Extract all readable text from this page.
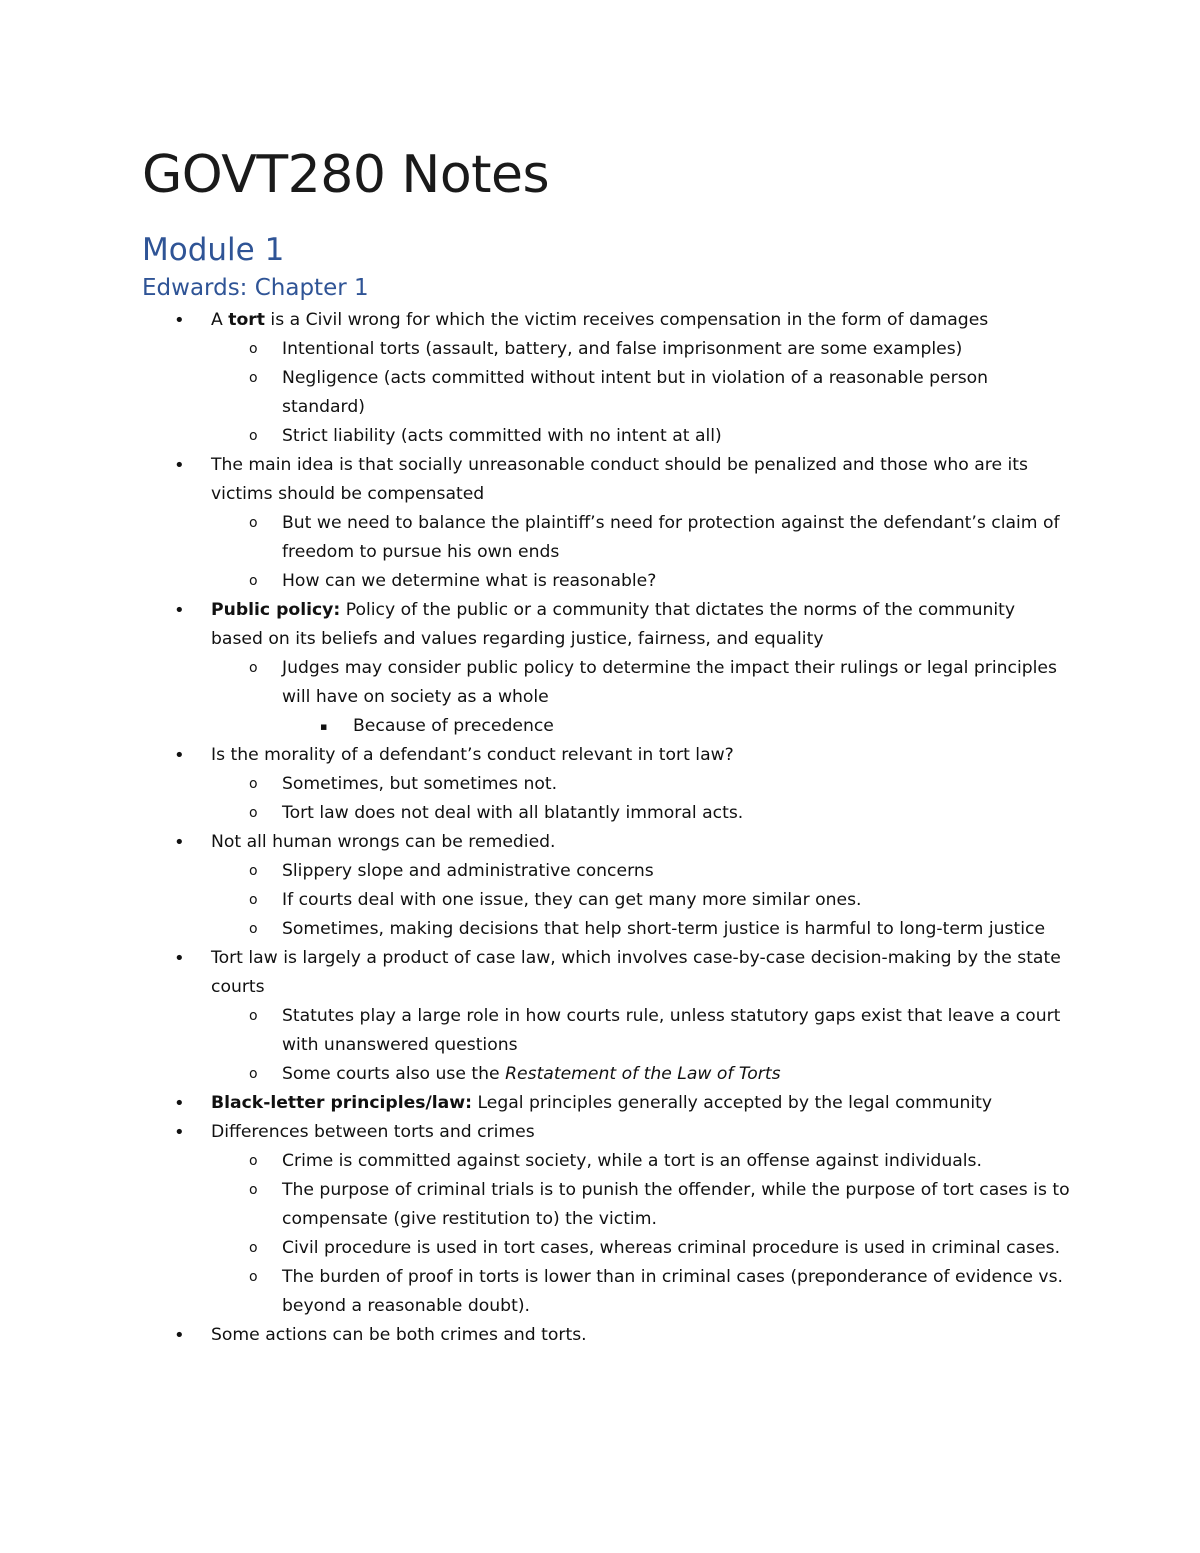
GOVT280 Notes
Module 1
Edwards: Chapter 1
• A tort is a Civil wrong for which the victim receives compensation in the form of damages
o Intentional torts (assault, battery, and false imprisonment are some examples)
o Negligence (acts committed without intent but in violation of a reasonable person standard)
o Strict liability (acts committed with no intent at all)
• The main idea is that socially unreasonable conduct should be penalized and those who are its victims should be compensated
o But we need to balance the plaintiff’s need for protection against the defendant’s claim of freedom to pursue his own ends
o How can we determine what is reasonable?
• Public policy: Policy of the public or a community that dictates the norms of the community based on its beliefs and values regarding justice, fairness, and equality
o Judges may consider public policy to determine the impact their rulings or legal principles will have on society as a whole
▪ Because of precedence
• Is the morality of a defendant’s conduct relevant in tort law?
o Sometimes, but sometimes not.
o Tort law does not deal with all blatantly immoral acts.
• Not all human wrongs can be remedied.
o Slippery slope and administrative concerns
o If courts deal with one issue, they can get many more similar ones.
o Sometimes, making decisions that help short-term justice is harmful to long-term justice
• Tort law is largely a product of case law, which involves case-by-case decision-making by the state courts
o Statutes play a large role in how courts rule, unless statutory gaps exist that leave a court with unanswered questions
o Some courts also use the Restatement of the Law of Torts
• Black-letter principles/law: Legal principles generally accepted by the legal community
• Differences between torts and crimes
o Crime is committed against society, while a tort is an offense against individuals.
o The purpose of criminal trials is to punish the offender, while the purpose of tort cases is to compensate (give restitution to) the victim.
o Civil procedure is used in tort cases, whereas criminal procedure is used in criminal cases.
o The burden of proof in torts is lower than in criminal cases (preponderance of evidence vs. beyond a reasonable doubt).
• Some actions can be both crimes and torts.
